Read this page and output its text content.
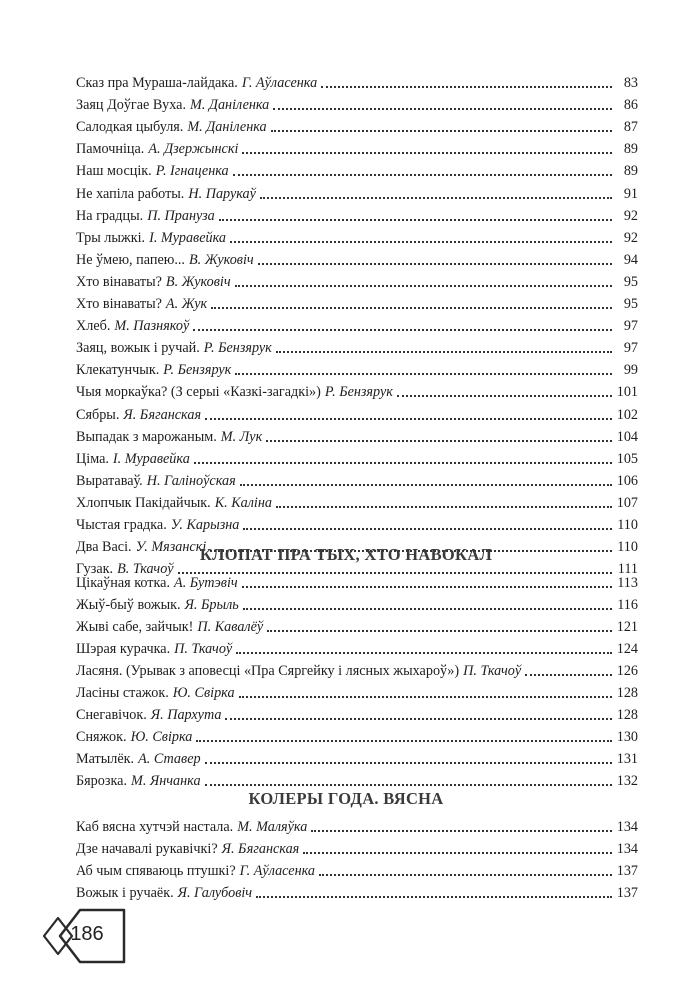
Сказ пра Мураша-лайдака. Г. Аўласенка	83
Заяц Доўгае Вуха. М. Даніленка	86
Салодкая цыбуля. М. Даніленка	87
Памочніца. А. Дзержынскі	89
Наш мосцік. Р. Ігнаценка	89
Не хапіла работы. Н. Парукаў	91
На градцы. П. Прануза	92
Тры лыжкі. І. Муравейка	92
Не ўмею, папею... В. Жуковіч	94
Хто вінаваты? В. Жуковіч	95
Хто вінаваты? А. Жук	95
Хлеб. М. Пазнякоў	97
Заяц, вожык і ручай. Р. Бензярук	97
Клекатунчык. Р. Бензярук	99
Чыя моркаўка? (З серыі «Казкі-загадкі») Р. Бензярук	101
Сябры. Я. Бяганская	102
Выпадак з марожаным. М. Лук	104
Ціма. І. Муравейка	105
Выратаваў. Н. Галіноўская	106
Хлопчык Пакідайчык. К. Каліна	107
Чыстая градка. У. Карызна	110
Два Васі. У. Мязанскі	110
Гузак. В. Ткачоў	111
КЛОПАТ ПРА ТЫХ, ХТО НАВОКАЛ
Цікаўная котка. А. Бутэвіч	113
Жыў-быў вожык. Я. Брыль	116
Жыві сабе, зайчык! П. Кавалёў	121
Шэрая курачка. П. Ткачоў	124
Ласяня. (Урывак з аповесці «Пра Сяргейку і лясных жыхароў») П. Ткачоў	126
Ласіны стажок. Ю. Свірка	128
Снегавічок. Я. Пархута	128
Сняжок. Ю. Свірка	130
Матылёк. А. Ставер	131
Бярозка. М. Янчанка	132
КОЛЕРЫ ГОДА. ВЯСНА
Каб вясна хутчэй настала. М. Маляўка	134
Дзе начавалі рукавічкі? Я. Бяганская	134
Аб чым спяваюць птушкі? Г. Аўласенка	137
Вожык і ручаёк. Я. Галубовіч	137
186
